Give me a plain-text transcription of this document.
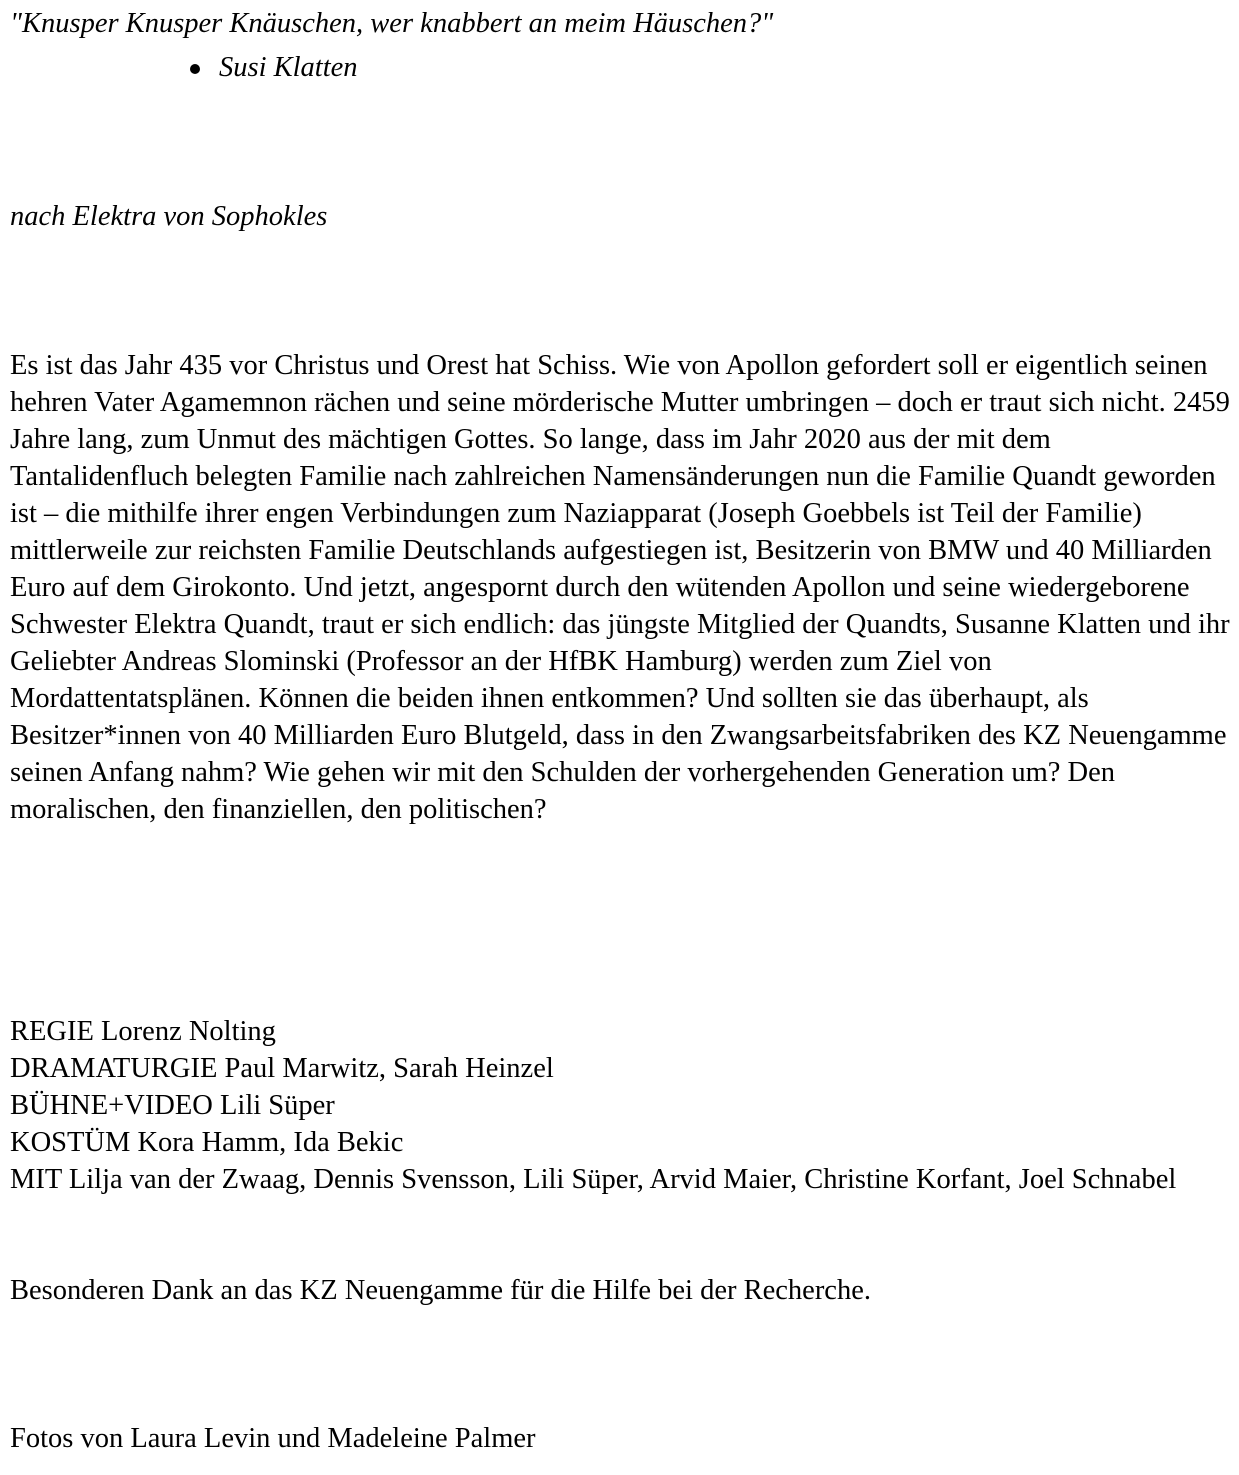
"Knusper Knusper Knäuschen, wer knabbert an meim Häuschen?"

Susi Klatten

nach Elektra von Sophokles

Es ist das Jahr 435 vor Christus und Orest hat Schiss. Wie von Apollon gefordert soll er eigentlich seinen hehren Vater Agamemnon rächen und seine mörderische Mutter umbringen – doch er traut sich nicht. 2459 Jahre lang, zum Unmut des mächtigen Gottes. So lange, dass im Jahr 2020 aus der mit dem Tantalidenfluch belegten Familie nach zahlreichen Namensänderungen nun die Familie Quandt geworden ist – die mithilfe ihrer engen Verbindungen zum Naziapparat (Joseph Goebbels ist Teil der Familie) mittlerweile zur reichsten Familie Deutschlands aufgestiegen ist, Besitzerin von BMW und 40 Milliarden Euro auf dem Girokonto. Und jetzt, angespornt durch den wütenden Apollon und seine wiedergeborene Schwester Elektra Quandt, traut er sich endlich: das jüngste Mitglied der Quandts, Susanne Klatten und ihr Geliebter Andreas Slominski (Professor an der HfBK Hamburg) werden zum Ziel von Mordattentatsplänen. Können die beiden ihnen entkommen? Und sollten sie das überhaupt, als Besitzer*innen von 40 Milliarden Euro Blutgeld, dass in den Zwangsarbeitsfabriken des KZ Neuengamme seinen Anfang nahm? Wie gehen wir mit den Schulden der vorhergehenden Generation um? Den moralischen, den finanziellen, den politischen?

REGIE Lorenz Nolting
DRAMATURGIE Paul Marwitz, Sarah Heinzel
BÜHNE+VIDEO Lili Süper
KOSTÜM Kora Hamm, Ida Bekic
MIT Lilja van der Zwaag, Dennis Svensson, Lili Süper, Arvid Maier, Christine Korfant, Joel Schnabel

Besonderen Dank an das KZ Neuengamme für die Hilfe bei der Recherche.

Fotos von Laura Levin und Madeleine Palmer
